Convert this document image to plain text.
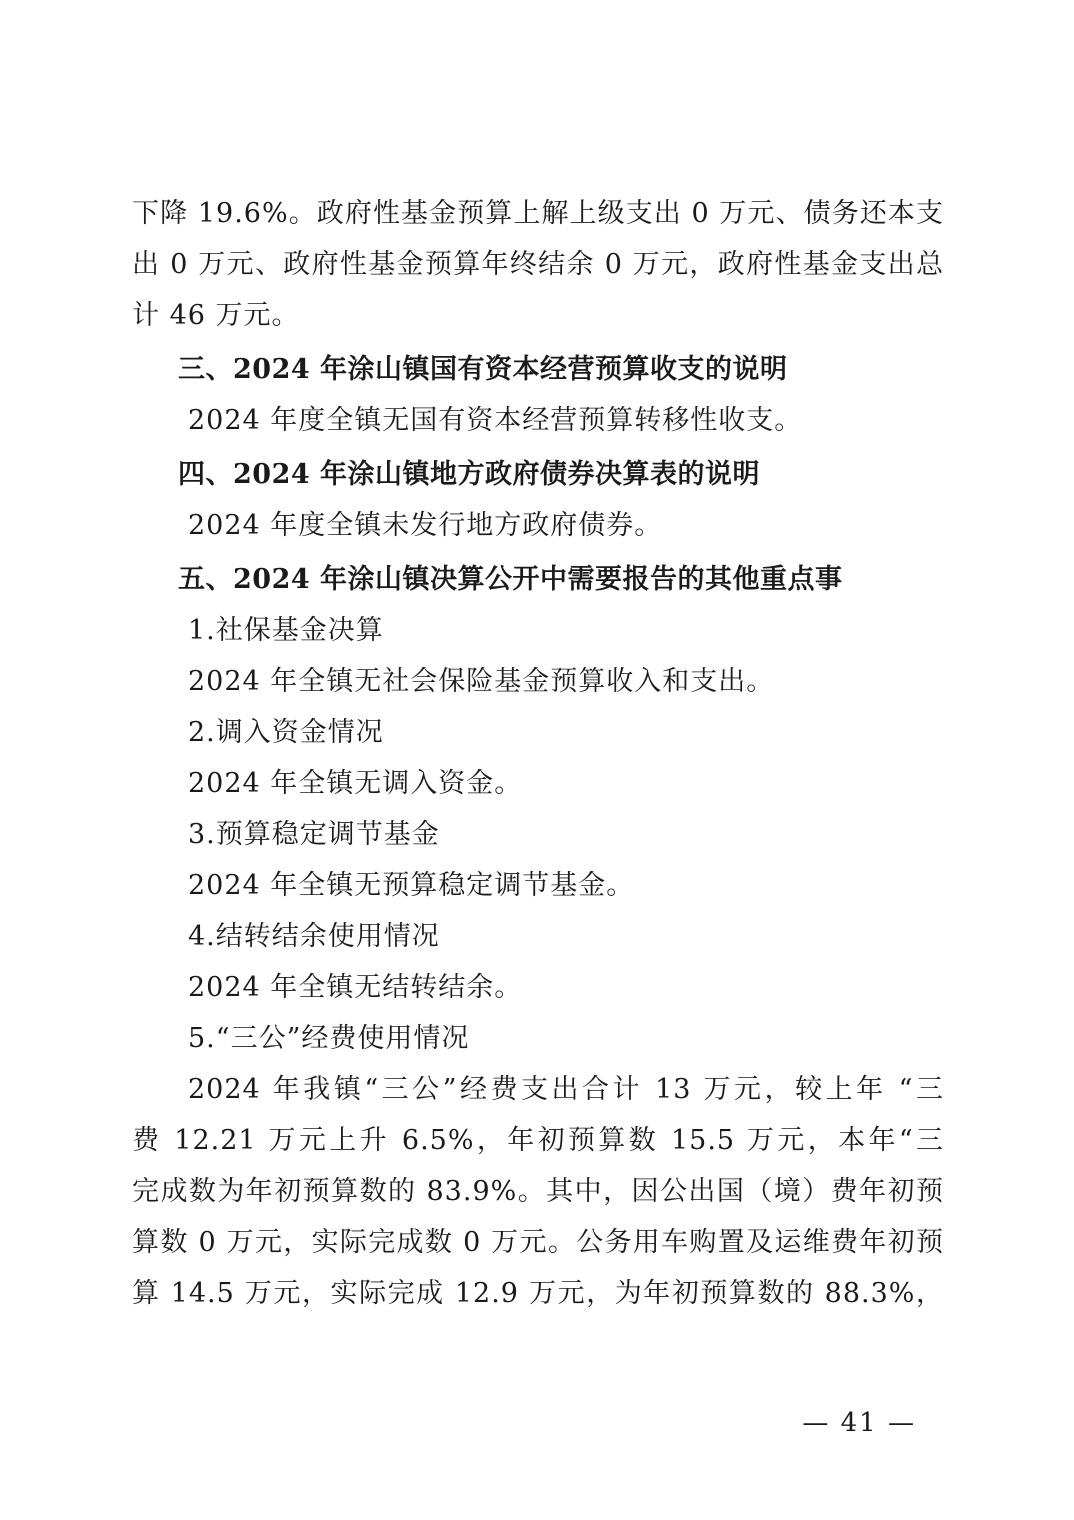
下降 19.6%。政府性基金预算上解上级支出 0 万元、债务还本支
出 0 万元、政府性基金预算年终结余 0 万元，政府性基金支出总
计 46 万元。
三、2024 年涂山镇国有资本经营预算收支的说明
2024 年度全镇无国有资本经营预算转移性收支。
四、2024 年涂山镇地方政府债券决算表的说明
2024 年度全镇未发行地方政府债券。
五、2024 年涂山镇决算公开中需要报告的其他重点事
1.社保基金决算
2024 年全镇无社会保险基金预算收入和支出。
2.调入资金情况
2024 年全镇无调入资金。
3.预算稳定调节基金
2024 年全镇无预算稳定调节基金。
4.结转结余使用情况
2024 年全镇无结转结余。
5.“三公”经费使用情况
2024 年我镇“三公”经费支出合计 13 万元，较上年 “三
费 12.21 万元上升 6.5%，年初预算数 15.5 万元，本年“三
完成数为年初预算数的 83.9%。其中，因公出国（境）费年初预
算数 0 万元，实际完成数 0 万元。公务用车购置及运维费年初预
算 14.5 万元，实际完成 12.9 万元，为年初预算数的 88.3%，
— 41 —
